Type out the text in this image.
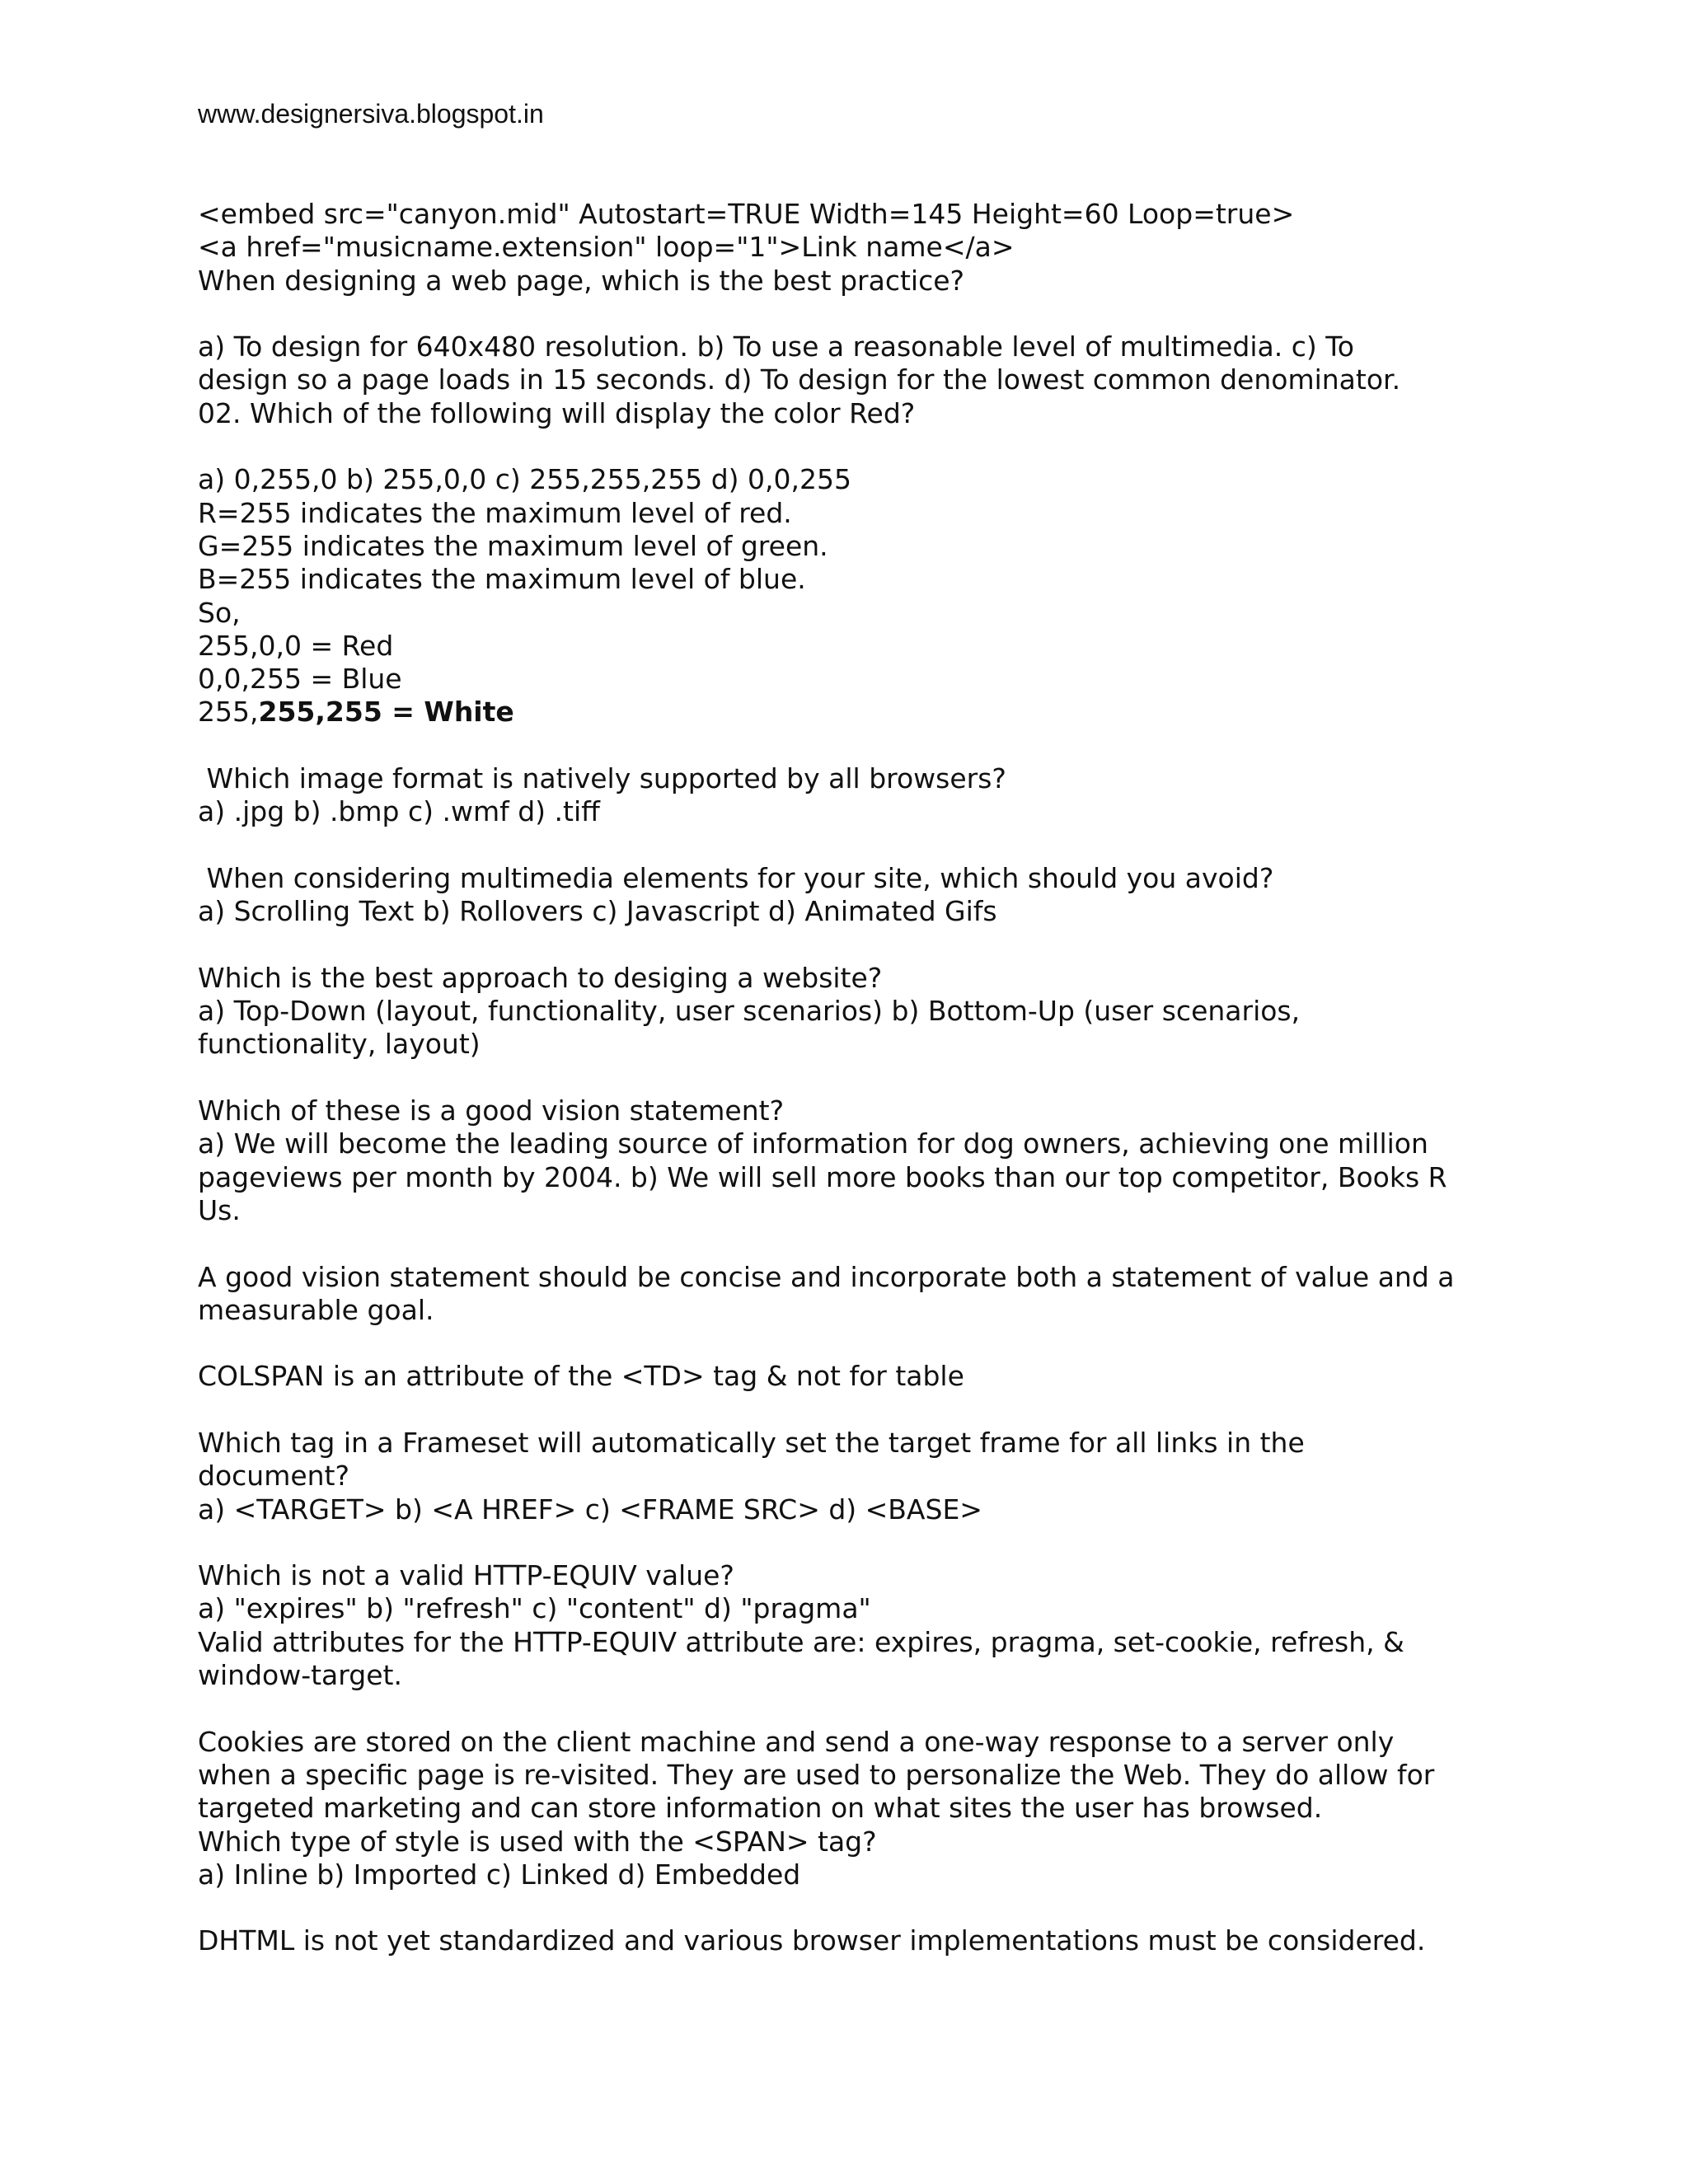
www.designersiva.blogspot.in
<embed src="canyon.mid" Autostart=TRUE Width=145 Height=60 Loop=true>
<a href="musicname.extension" loop="1">Link name</a>
When designing a web page, which is the best practice?
a) To design for 640x480 resolution. b) To use a reasonable level of multimedia. c) To
design so a page loads in 15 seconds. d) To design for the lowest common denominator.
02. Which of the following will display the color Red?
a) 0,255,0 b) 255,0,0 c) 255,255,255 d) 0,0,255
R=255 indicates the maximum level of red.
G=255 indicates the maximum level of green.
B=255 indicates the maximum level of blue.
So,
255,0,0 = Red
0,0,255 = Blue
255,255,255 = White
Which image format is natively supported by all browsers?
a) .jpg b) .bmp c) .wmf d) .tiff
When considering multimedia elements for your site, which should you avoid?
a) Scrolling Text b) Rollovers c) Javascript d) Animated Gifs
Which is the best approach to desiging a website?
a) Top-Down (layout, functionality, user scenarios) b) Bottom-Up (user scenarios,
functionality, layout)
Which of these is a good vision statement?
a) We will become the leading source of information for dog owners, achieving one million
pageviews per month by 2004. b) We will sell more books than our top competitor, Books R
Us.
A good vision statement should be concise and incorporate both a statement of value and a
measurable goal.
COLSPAN is an attribute of the <TD> tag & not for table
Which tag in a Frameset will automatically set the target frame for all links in the
document?
a) <TARGET> b) <A HREF> c) <FRAME SRC> d) <BASE>
Which is not a valid HTTP-EQUIV value?
a) "expires" b) "refresh" c) "content" d) "pragma"
Valid attributes for the HTTP-EQUIV attribute are: expires, pragma, set-cookie, refresh, &
window-target.
Cookies are stored on the client machine and send a one-way response to a server only
when a specific page is re-visited. They are used to personalize the Web. They do allow for
targeted marketing and can store information on what sites the user has browsed.
Which type of style is used with the <SPAN> tag?
a) Inline b) Imported c) Linked d) Embedded
DHTML is not yet standardized and various browser implementations must be considered.
